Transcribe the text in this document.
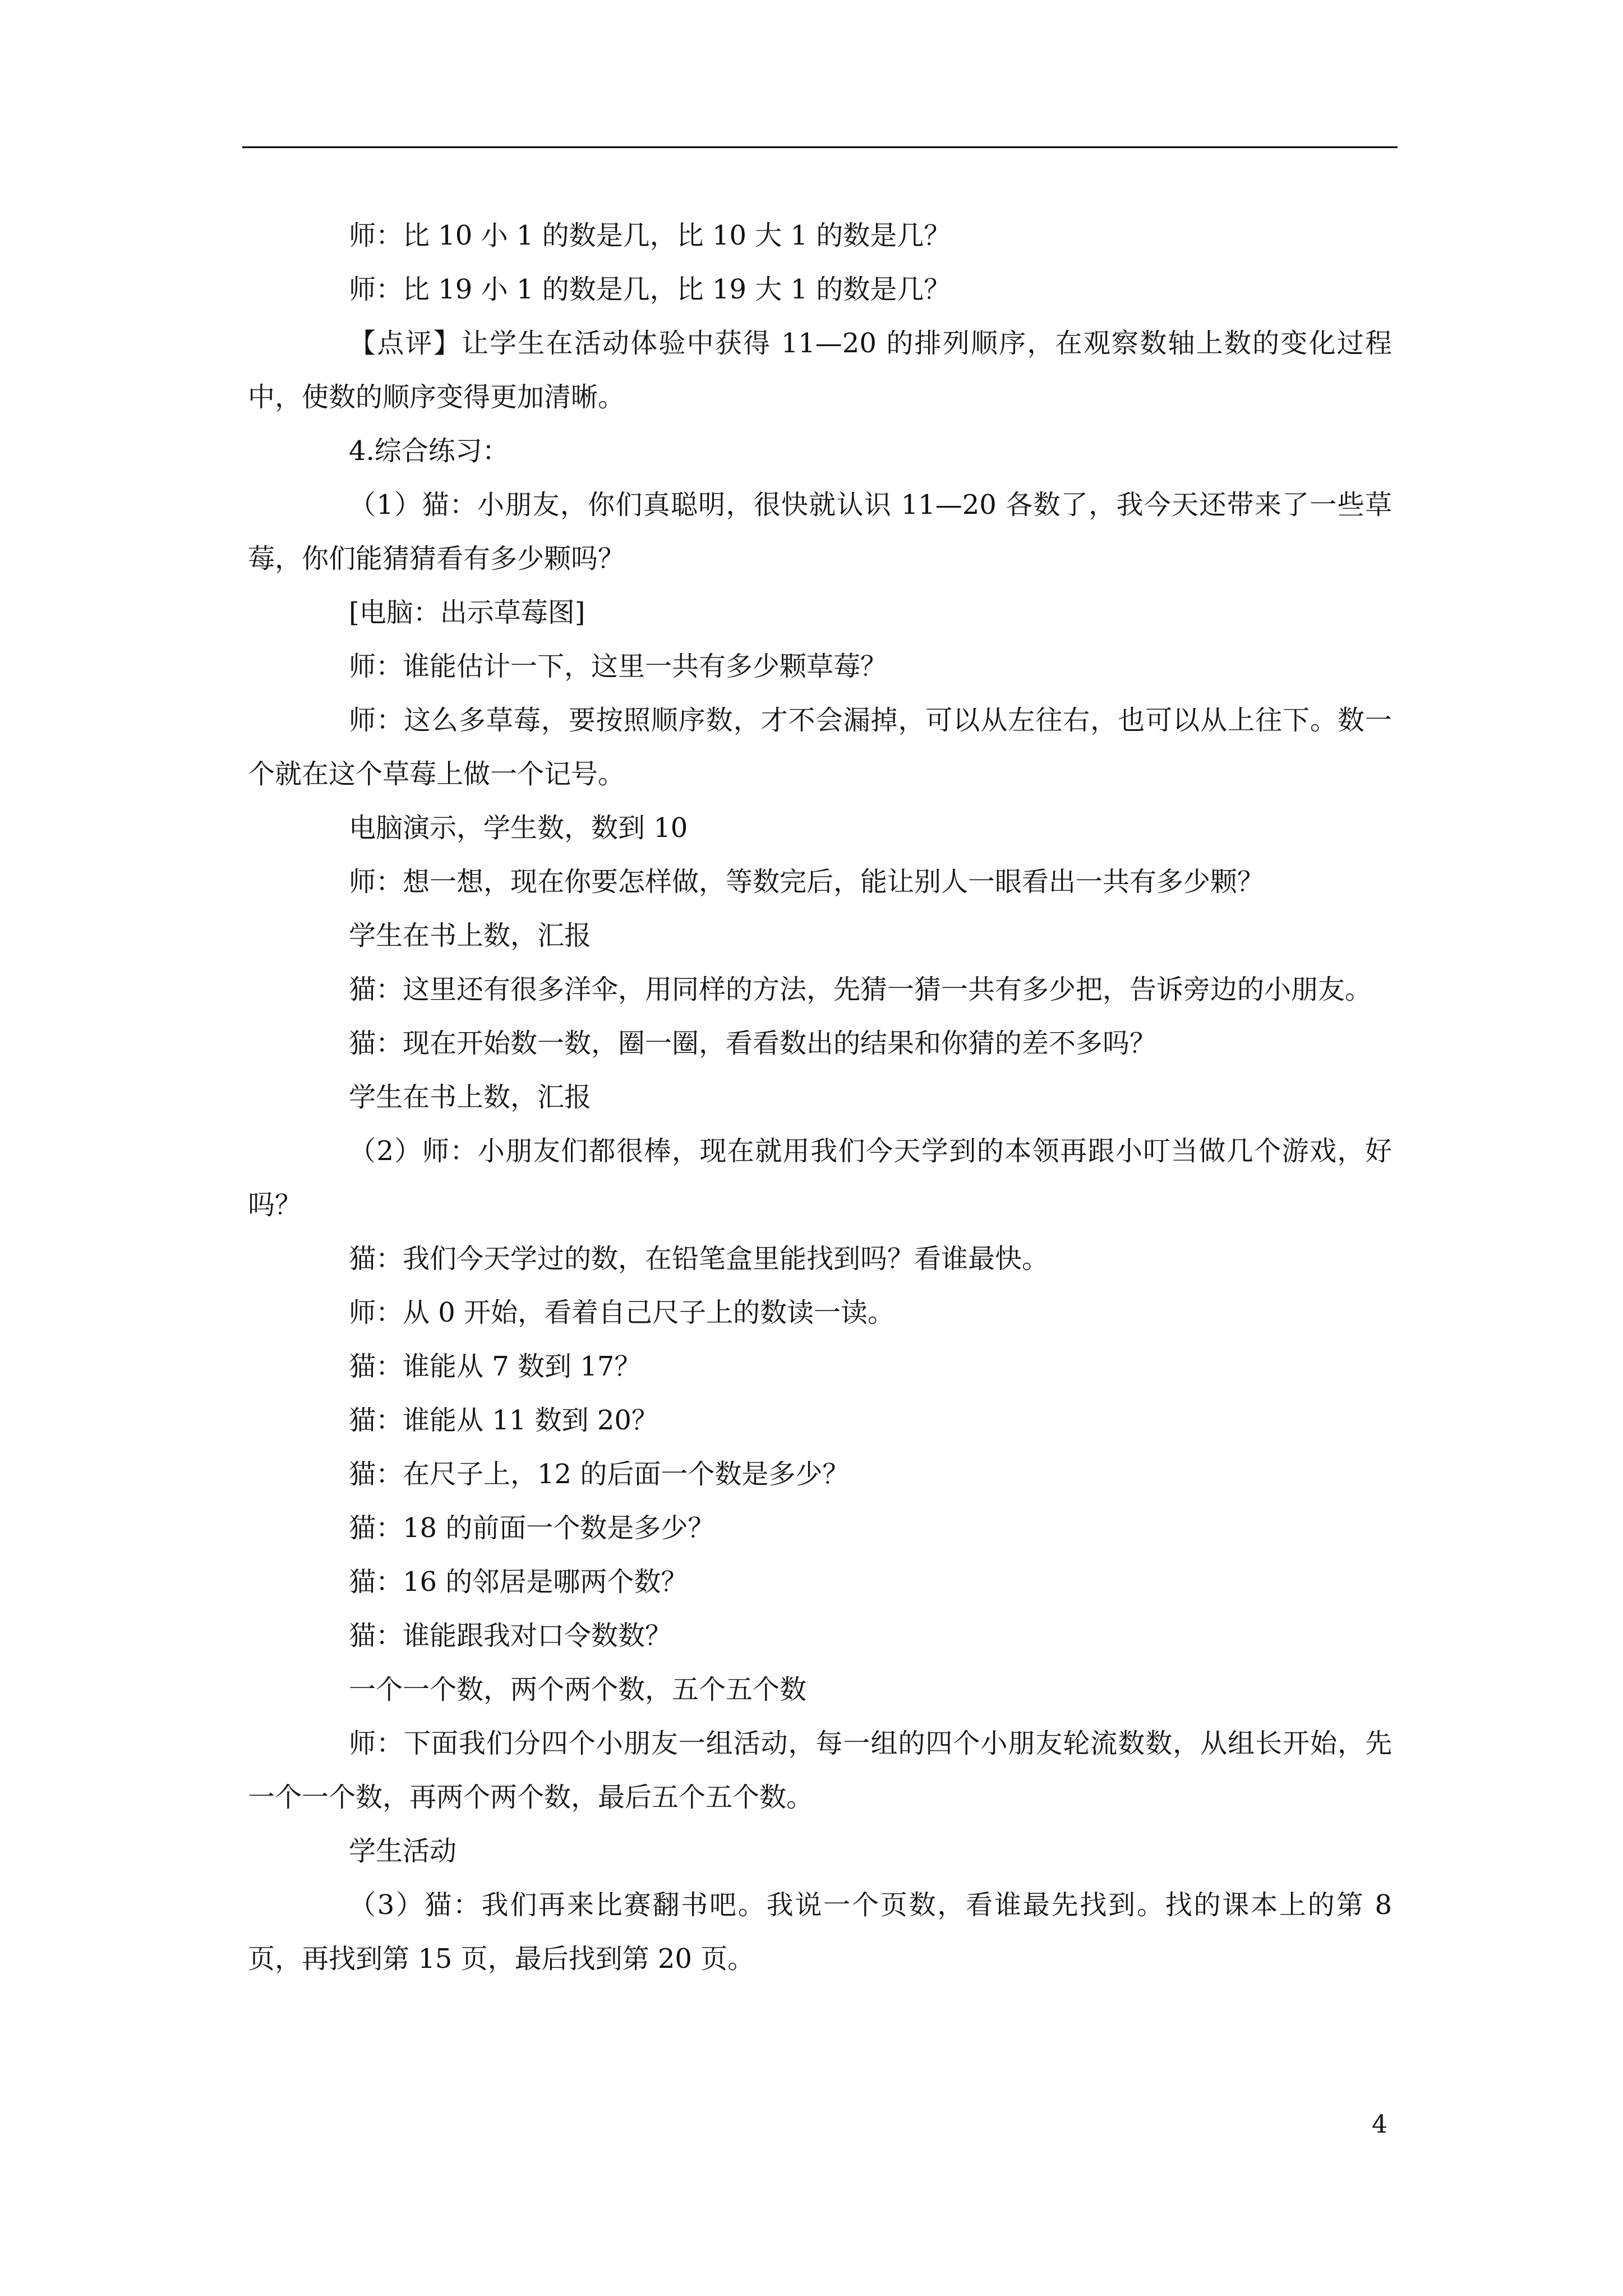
师：比 10 小 1 的数是几，比 10 大 1 的数是几？

师：比 19 小 1 的数是几，比 19 大 1 的数是几？

【点评】让学生在活动体验中获得 11—20 的排列顺序，在观察数轴上数的变化过程中，使数的顺序变得更加清晰。

4.综合练习：

（1）猫：小朋友，你们真聪明，很快就认识 11—20 各数了，我今天还带来了一些草莓，你们能猜猜看有多少颗吗？

[电脑：出示草莓图]

师：谁能估计一下，这里一共有多少颗草莓？

师：这么多草莓，要按照顺序数，才不会漏掉，可以从左往右，也可以从上往下。数一个就在这个草莓上做一个记号。

电脑演示，学生数，数到 10

师：想一想，现在你要怎样做，等数完后，能让别人一眼看出一共有多少颗？

学生在书上数，汇报

猫：这里还有很多洋伞，用同样的方法，先猜一猜一共有多少把，告诉旁边的小朋友。

猫：现在开始数一数，圈一圈，看看数出的结果和你猜的差不多吗？

学生在书上数，汇报

（2）师：小朋友们都很棒，现在就用我们今天学到的本领再跟小叮当做几个游戏，好吗？

猫：我们今天学过的数，在铅笔盒里能找到吗？看谁最快。

师：从 0 开始，看着自己尺子上的数读一读。

猫：谁能从 7 数到 17？

猫：谁能从 11 数到 20？

猫：在尺子上，12 的后面一个数是多少？

猫：18 的前面一个数是多少？

猫：16 的邻居是哪两个数？

猫：谁能跟我对口令数数？

一个一个数，两个两个数，五个五个数

师：下面我们分四个小朋友一组活动，每一组的四个小朋友轮流数数，从组长开始，先一个一个数，再两个两个数，最后五个五个数。

学生活动

（3）猫：我们再来比赛翻书吧。我说一个页数，看谁最先找到。找的课本上的第 8 页，再找到第 15 页，最后找到第 20 页。

4
